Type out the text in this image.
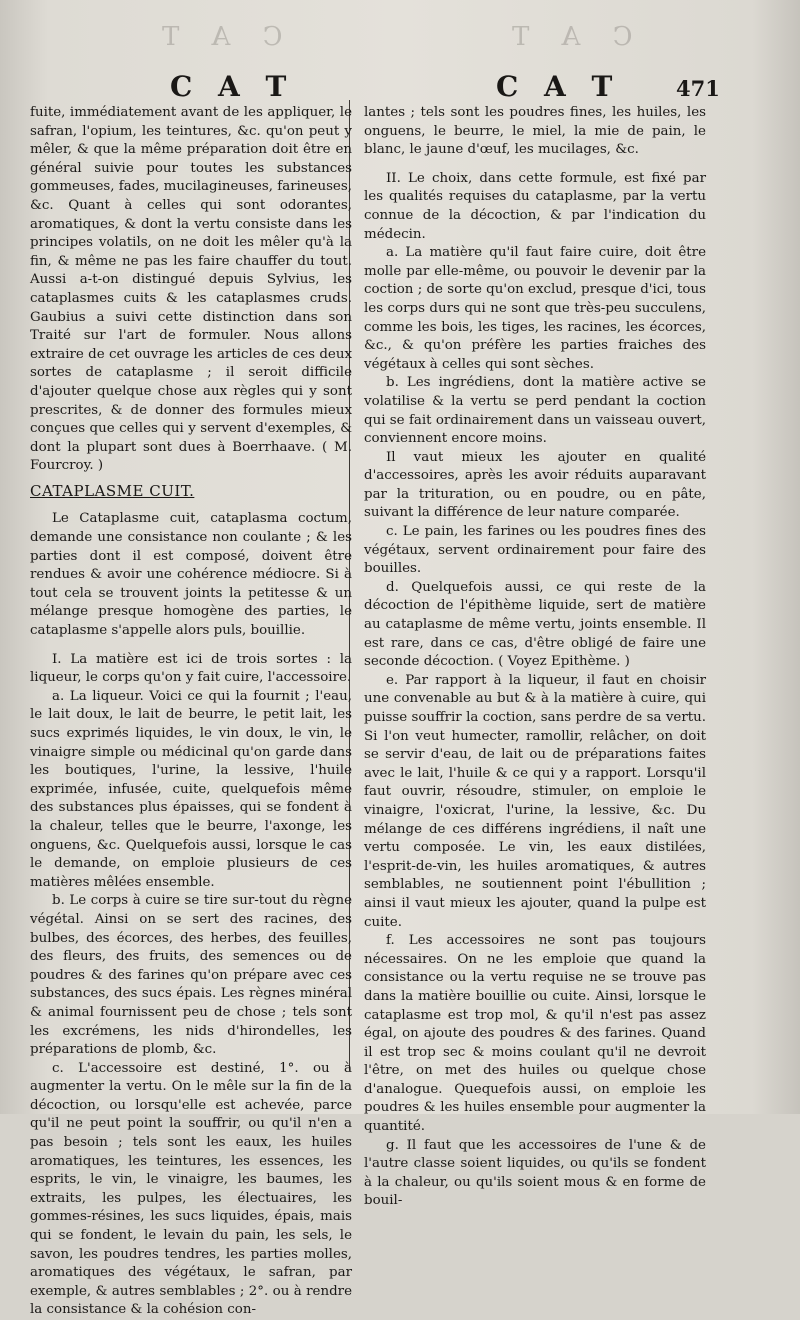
C A T	C A T
C A T	C A T	471

fuite, immédiatement avant de les appliquer, le safran, l'opium, les teintures, &c. qu'on peut y mêler, & que la même préparation doit être en général suivie pour toutes les substances gommeuses, fades, mucilagineuses, farineuses, &c. Quant à celles qui sont odorantes, aromatiques, & dont la vertu consiste dans les principes volatils, on ne doit les mêler qu'à la fin, & même ne pas les faire chauffer du tout. Aussi a-t-on distingué depuis Sylvius, les cataplasmes cuits & les cataplasmes cruds. Gaubius a suivi cette distinction dans son Traité sur l'art de formuler. Nous allons extraire de cet ouvrage les articles de ces deux sortes de cataplasme ; il seroit difficile d'ajouter quelque chose aux règles qui y sont prescrites, & de donner des formules mieux conçues que celles qui y servent d'exemples, & dont la plupart sont dues à Boerrhaave. ( M. Fourcroy. )

CATAPLASME CUIT.

Le Cataplasme cuit, cataplasma coctum, demande une consistance non coulante ; & les parties dont il est composé, doivent être rendues & avoir une cohérence médiocre. Si à tout cela se trouvent joints la petitesse & un mélange presque homogène des parties, le cataplasme s'appelle alors puls, bouillie.

I. La matière est ici de trois sortes : la liqueur, le corps qu'on y fait cuire, l'accessoire.

a. La liqueur. Voici ce qui la fournit ; l'eau, le lait doux, le lait de beurre, le petit lait, les sucs exprimés liquides, le vin doux, le vin, le vinaigre simple ou médicinal qu'on garde dans les boutiques, l'urine, la lessive, l'huile exprimée, infusée, cuite, quelquefois même des substances plus épaisses, qui se fondent à la chaleur, telles que le beurre, l'axonge, les onguens, &c. Quelquefois aussi, lorsque le cas le demande, on emploie plusieurs de ces matières mêlées ensemble.

b. Le corps à cuire se tire sur-tout du règne végétal. Ainsi on se sert des racines, des bulbes, des écorces, des herbes, des feuilles, des fleurs, des fruits, des semences ou de poudres & des farines qu'on prépare avec ces substances, des sucs épais. Les règnes minéral & animal fournissent peu de chose ; tels sont les excrémens, les nids d'hirondelles, les préparations de plomb, &c.

c. L'accessoire est destiné, 1°. ou à augmenter la vertu. On le mêle sur la fin de la décoction, ou lorsqu'elle est achevée, parce qu'il ne peut point la souffrir, ou qu'il n'en a pas besoin ; tels sont les eaux, les huiles aromatiques, les teintures, les essences, les esprits, le vin, le vinaigre, les baumes, les extraits, les pulpes, les électuaires, les gommes-résines, les sucs liquides, épais, mais qui se fondent, le levain du pain, les sels, le savon, les poudres tendres, les parties molles, aromatiques des végétaux, le safran, par exemple, & autres semblables ; 2°. ou à rendre la consistance & la cohésion con-

lantes ; tels sont les poudres fines, les huiles, les onguens, le beurre, le miel, la mie de pain, le blanc, le jaune d'œuf, les mucilages, &c.

II. Le choix, dans cette formule, est fixé par les qualités requises du cataplasme, par la vertu connue de la décoction, & par l'indication du médecin.

a. La matière qu'il faut faire cuire, doit être molle par elle-même, ou pouvoir le devenir par la coction ; de sorte qu'on exclud, presque d'ici, tous les corps durs qui ne sont que très-peu succulens, comme les bois, les tiges, les racines, les écorces, &c., & qu'on préfère les parties fraiches des végétaux à celles qui sont sèches.

b. Les ingrédiens, dont la matière active se volatilise & la vertu se perd pendant la coction qui se fait ordinairement dans un vaisseau ouvert, conviennent encore moins.

Il vaut mieux les ajouter en qualité d'accessoires, après les avoir réduits auparavant par la trituration, ou en poudre, ou en pâte, suivant la différence de leur nature comparée.

c. Le pain, les farines ou les poudres fines des végétaux, servent ordinairement pour faire des bouilles.

d. Quelquefois aussi, ce qui reste de la décoction de l'épithème liquide, sert de matière au cataplasme de même vertu, joints ensemble. Il est rare, dans ce cas, d'être obligé de faire une seconde décoction. ( Voyez Epithème. )

e. Par rapport à la liqueur, il faut en choisir une convenable au but & à la matière à cuire, qui puisse souffrir la coction, sans perdre de sa vertu. Si l'on veut humecter, ramollir, relâcher, on doit se servir d'eau, de lait ou de préparations faites avec le lait, l'huile & ce qui y a rapport. Lorsqu'il faut ouvrir, résoudre, stimuler, on emploie le vinaigre, l'oxicrat, l'urine, la lessive, &c. Du mélange de ces différens ingrédiens, il naît une vertu composée. Le vin, les eaux distilées, l'esprit-de-vin, les huiles aromatiques, & autres semblables, ne soutiennent point l'ébullition ; ainsi il vaut mieux les ajouter, quand la pulpe est cuite.

f. Les accessoires ne sont pas toujours nécessaires. On ne les emploie que quand la consistance ou la vertu requise ne se trouve pas dans la matière bouillie ou cuite. Ainsi, lorsque le cataplasme est trop mol, & qu'il n'est pas assez égal, on ajoute des poudres & des farines. Quand il est trop sec & moins coulant qu'il ne devroit l'être, on met des huiles ou quelque chose d'analogue. Quequefois aussi, on emploie les poudres & les huiles ensemble pour augmenter la quantité.

g. Il faut que les accessoires de l'une & de l'autre classe soient liquides, ou qu'ils se fondent à la chaleur, ou qu'ils soient mous & en forme de bouil-
